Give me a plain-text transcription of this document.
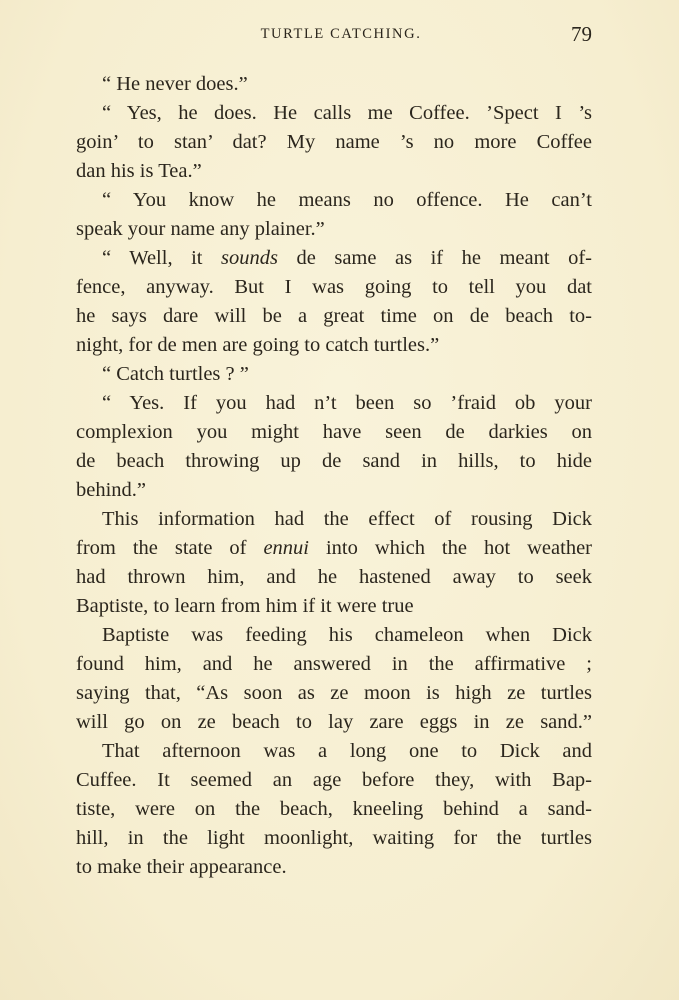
TURTLE CATCHING.	79
“ He never does.”
“ Yes, he does. He calls me Coffee. ’Spect I ’s
goin’ to stan’ dat? My name ’s no more Coffee
dan his is Tea.”
“ You know he means no offence. He can’t
speak your name any plainer.”
“ Well, it sounds de same as if he meant of-
fence, anyway. But I was going to tell you dat
he says dare will be a great time on de beach to-
night, for de men are going to catch turtles.”
“ Catch turtles ? ”
“ Yes. If you had n’t been so ’fraid ob your
complexion you might have seen de darkies on
de beach throwing up de sand in hills, to hide
behind.”
This information had the effect of rousing Dick
from the state of ennui into which the hot weather
had thrown him, and he hastened away to seek
Baptiste, to learn from him if it were true
Baptiste was feeding his chameleon when Dick
found him, and he answered in the affirmative ;
saying that, “As soon as ze moon is high ze turtles
will go on ze beach to lay zare eggs in ze sand.”
That afternoon was a long one to Dick and
Cuffee. It seemed an age before they, with Bap-
tiste, were on the beach, kneeling behind a sand-
hill, in the light moonlight, waiting for the turtles
to make their appearance.
